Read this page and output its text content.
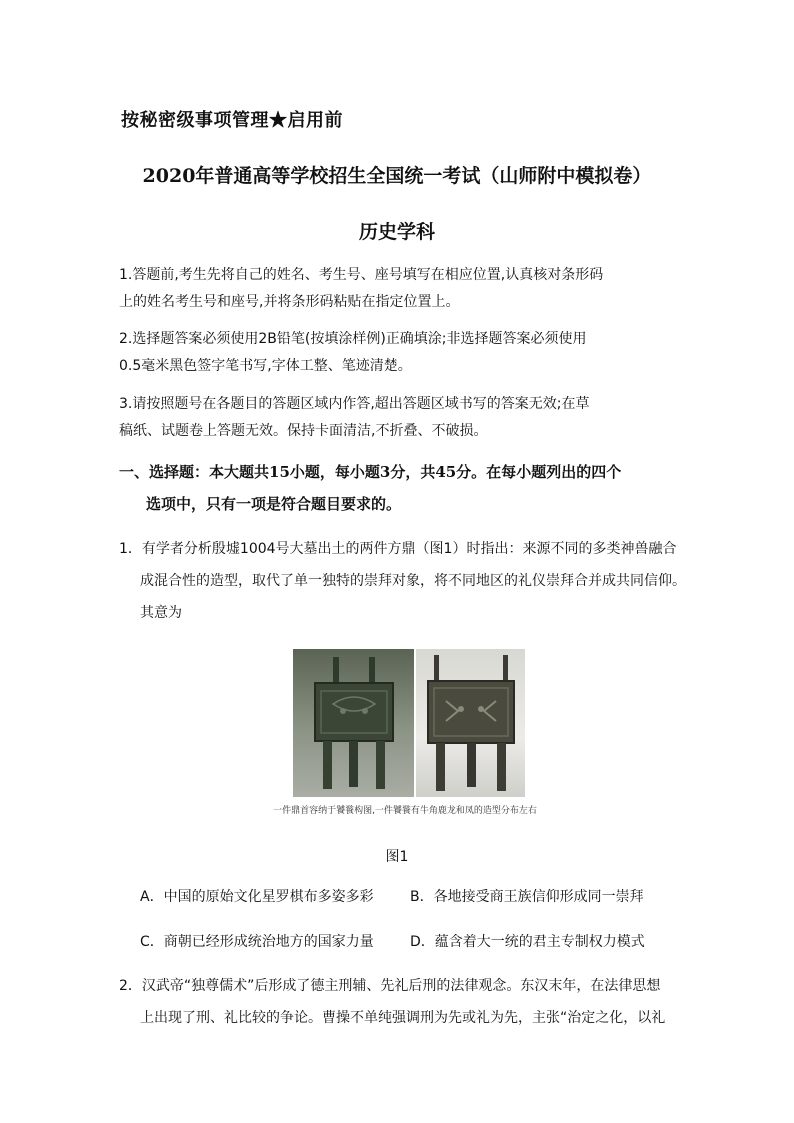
按秘密级事项管理★启用前
2020年普通高等学校招生全国统一考试（山师附中模拟卷）
历史学科
1.答题前,考生先将自己的姓名、考生号、座号填写在相应位置,认真核对条形码
上的姓名考生号和座号,并将条形码粘贴在指定位置上。
2.选择题答案必须使用2B铅笔(按填涂样例)正确填涂;非选择题答案必须使用
0.5毫米黑色签字笔书写,字体工整、笔迹清楚。
3.请按照题号在各题目的答题区域内作答,超出答题区域书写的答案无效;在草
稿纸、试题卷上答题无效。保持卡面清洁,不折叠、不破损。
一、选择题：本大题共15小题，每小题3分，共45分。在每小题列出的四个
选项中，只有一项是符合题目要求的。
1．有学者分析殷墟1004号大墓出土的两件方鼎（图1）时指出：来源不同的多类神兽融合
成混合性的造型，取代了单一独特的崇拜对象，将不同地区的礼仪崇拜合并成共同信仰。
其意为
一件鼎首容纳于饕餮构图,一件饕餮有牛角鹿龙和凤的造型分布左右
图1
A．中国的原始文化星罗棋布多姿多彩	B．各地接受商王族信仰形成同一崇拜
C．商朝已经形成统治地方的国家力量	D．蕴含着大一统的君主专制权力模式
2．汉武帝“独尊儒术”后形成了德主刑辅、先礼后刑的法律观念。东汉末年，在法律思想
上出现了刑、礼比较的争论。曹操不单纯强调刑为先或礼为先，主张“治定之化，以礼
